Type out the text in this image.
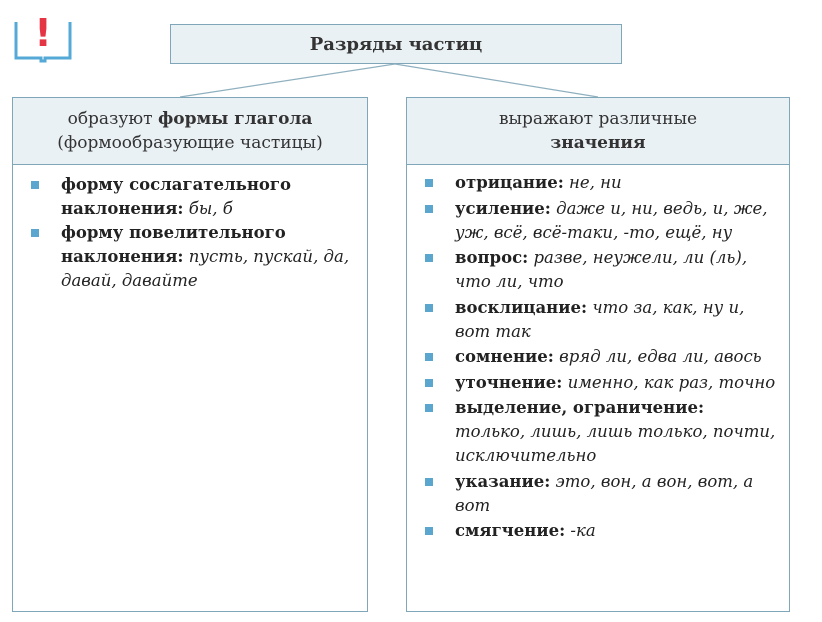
!	Разряды частиц
образуют формы глагола
(формообразующие частицы)
форму сослагательного наклонения: бы, б
форму повелительного наклонения: пусть, пускай, да, давай, давайте
выражают различные
значения
отрицание: не, ни
усиление: даже и, ни, ведь, и, же, уж, всё, всё-таки, -то, ещё, ну
вопрос: разве, неужели, ли (ль), что ли, что
восклицание: что за, как, ну и, вот так
сомнение: вряд ли, едва ли, авось
уточнение: именно, как раз, точно
выделение, ограничение: только, лишь, лишь только, почти, исключительно
указание: это, вон, а вон, вот, а вот
смягчение: -ка
